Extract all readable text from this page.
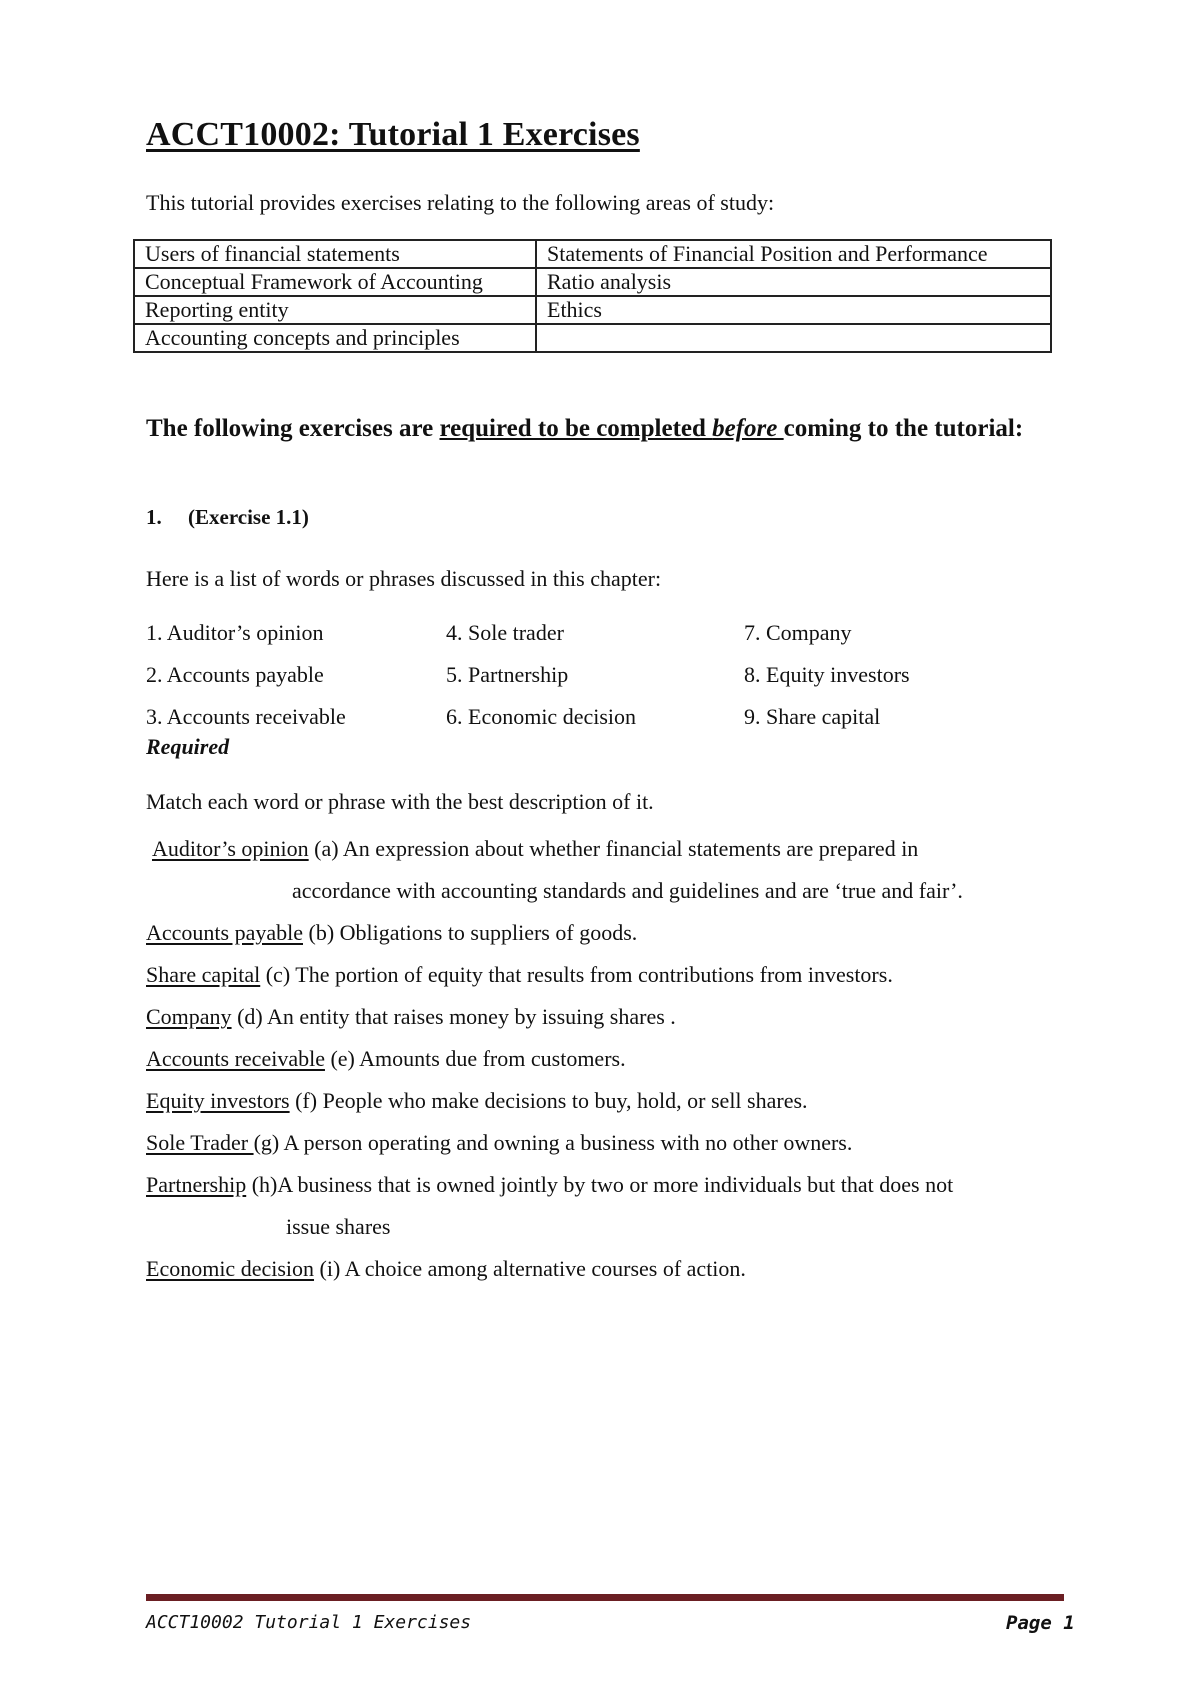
ACCT10002: Tutorial 1 Exercises
This tutorial provides exercises relating to the following areas of study:
Users of financial statements	Statements of Financial Position and Performance
Conceptual Framework of Accounting	Ratio analysis
Reporting entity	Ethics
Accounting concepts and principles	
The following exercises are required to be completed before coming to the tutorial:
1. (Exercise 1.1)
Here is a list of words or phrases discussed in this chapter:
1. Auditor’s opinion	4. Sole trader	7. Company
2. Accounts payable	5. Partnership	8. Equity investors
3. Accounts receivable	6. Economic decision	9. Share capital
Required
Match each word or phrase with the best description of it.
Auditor’s opinion (a) An expression about whether financial statements are prepared in
accordance with accounting standards and guidelines and are ‘true and fair’.
Accounts payable (b) Obligations to suppliers of goods.
Share capital (c) The portion of equity that results from contributions from investors.
Company (d) An entity that raises money by issuing shares .
Accounts receivable (e) Amounts due from customers.
Equity investors (f) People who make decisions to buy, hold, or sell shares.
Sole Trader (g) A person operating and owning a business with no other owners.
Partnership (h)A business that is owned jointly by two or more individuals but that does not
issue shares
Economic decision (i) A choice among alternative courses of action.
ACCT10002 Tutorial 1 Exercises	Page 1
